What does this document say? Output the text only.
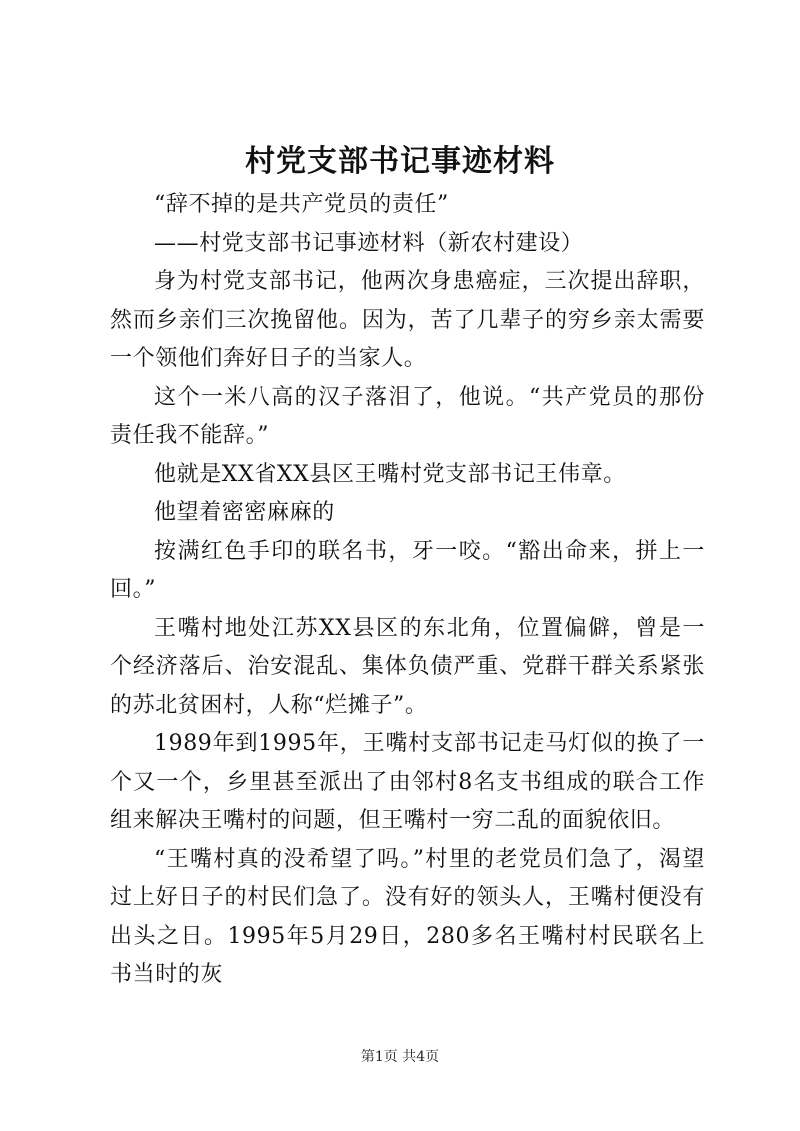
村党支部书记事迹材料

“辞不掉的是共产党员的责任”

——村党支部书记事迹材料（新农村建设）

身为村党支部书记，他两次身患癌症，三次提出辞职，然而乡亲们三次挽留他。因为，苦了几辈子的穷乡亲太需要一个领他们奔好日子的当家人。

这个一米八高的汉子落泪了，他说。“共产党员的那份责任我不能辞。”

他就是XX省XX县区王嘴村党支部书记王伟章。

他望着密密麻麻的

按满红色手印的联名书，牙一咬。“豁出命来，拼上一回。”

王嘴村地处江苏XX县区的东北角，位置偏僻，曾是一个经济落后、治安混乱、集体负债严重、党群干群关系紧张的苏北贫困村，人称“烂摊子”。

1989年到1995年，王嘴村支部书记走马灯似的换了一个又一个，乡里甚至派出了由邻村8名支书组成的联合工作组来解决王嘴村的问题，但王嘴村一穷二乱的面貌依旧。

“王嘴村真的没希望了吗。”村里的老党员们急了，渴望过上好日子的村民们急了。没有好的领头人，王嘴村便没有出头之日。1995年5月29日，280多名王嘴村村民联名上书当时的灰

第1页 共4页
